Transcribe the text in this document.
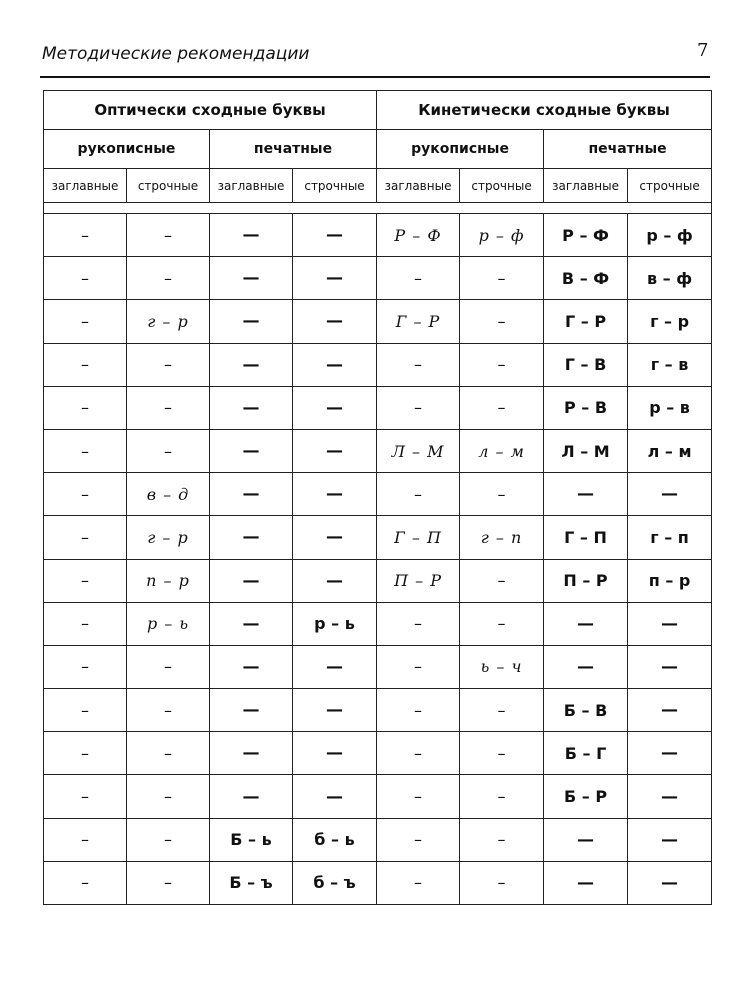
Методические рекомендации	7
Оптически сходные буквы				Кинетически сходные буквы			
рукописные		печатные		рукописные		печатные	
заглавные	строчные	заглавные	строчные	заглавные	строчные	заглавные	строчные

–	–	—	—	Р – Ф	р – ф	Р – Ф	р – ф
–	–	—	—	–	–	В – Ф	в – ф
–	г – р	—	—	Г – Р	–	Г – Р	г – р
–	–	—	—	–	–	Г – В	г – в
–	–	—	—	–	–	Р – В	р – в
–	–	—	—	Л – М	л – м	Л – М	л – м
–	в – д	—	—	–	–	—	—
–	г – р	—	—	Г – П	г – п	Г – П	г – п
–	п – р	—	—	П – Р	–	П – Р	п – р
–	р – ь	—	р – ь	–	–	—	—
–	–	—	—	–	ь – ч	—	—
–	–	—	—	–	–	Б – В	—
–	–	—	—	–	–	Б – Г	—
–	–	—	—	–	–	Б – Р	—
–	–	Б – ь	б – ь	–	–	—	—
–	–	Б – ъ	б – ъ	–	–	—	—
